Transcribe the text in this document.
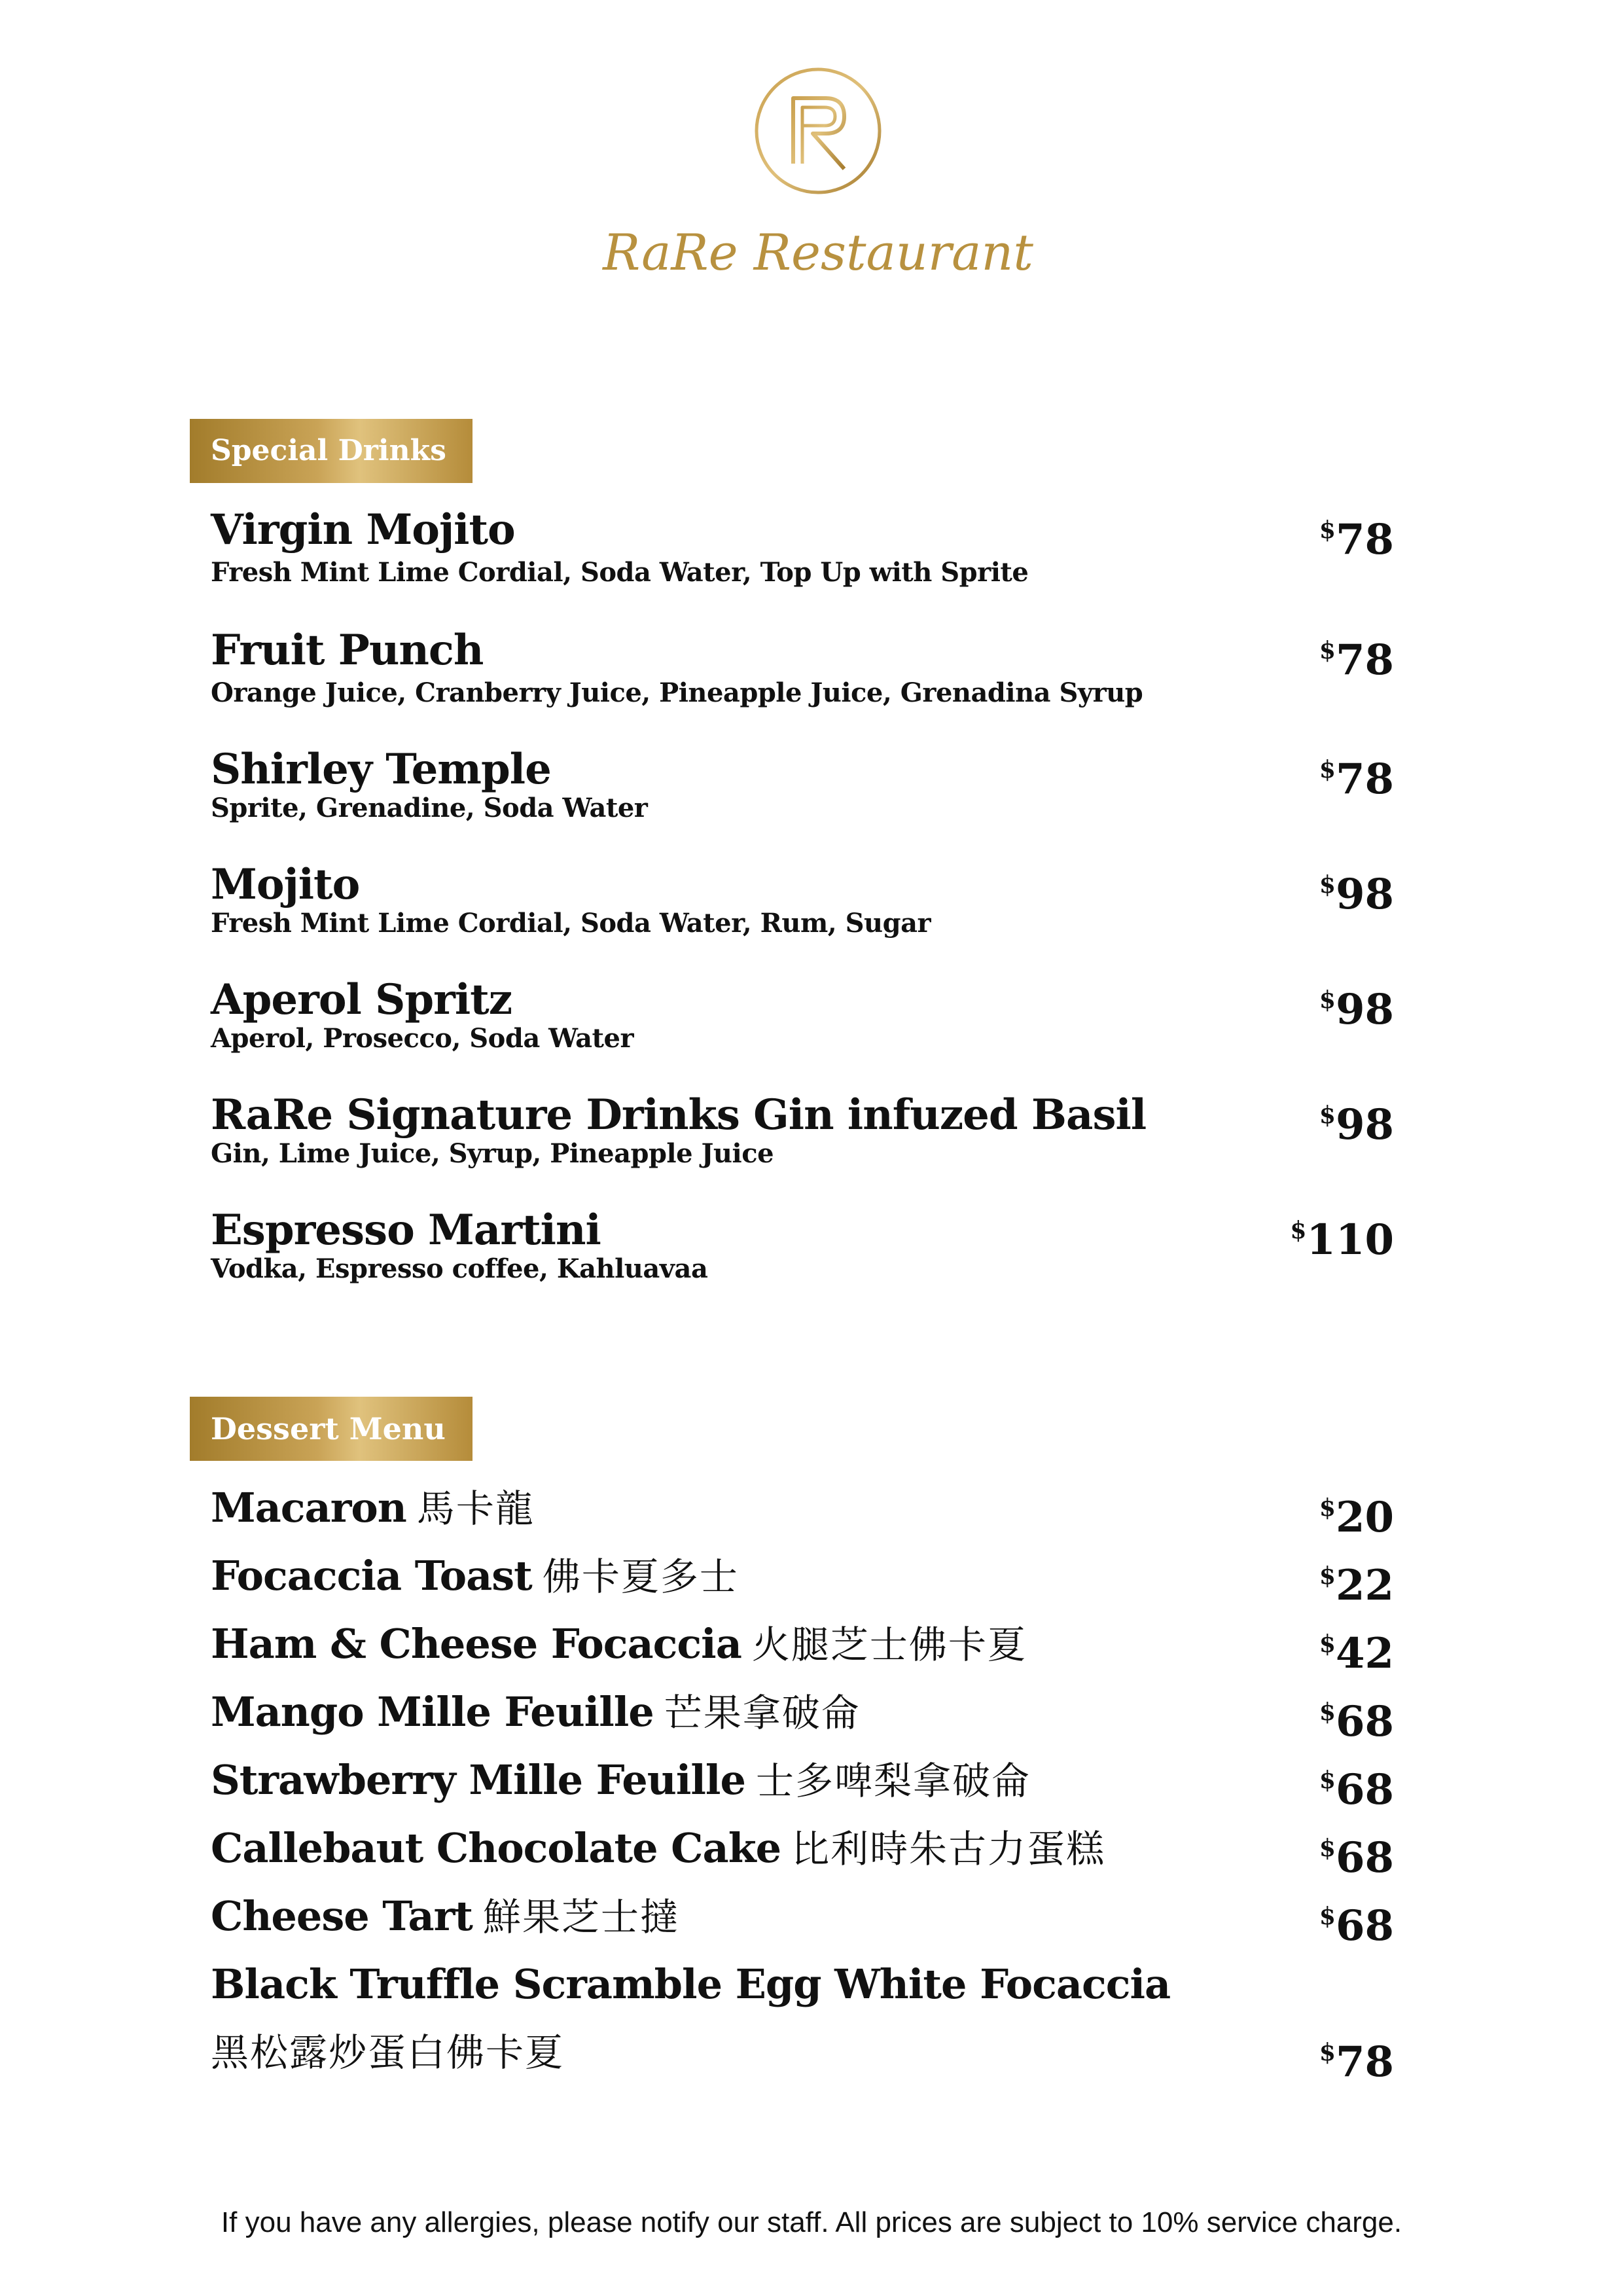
RaRe Restaurant
Special Drinks
Virgin Mojito
Fresh Mint Lime Cordial, Soda Water, Top Up with Sprite
$78
Fruit Punch
Orange Juice, Cranberry Juice, Pineapple Juice, Grenadina Syrup
$78
Shirley Temple
Sprite, Grenadine, Soda Water
$78
Mojito
Fresh Mint Lime Cordial, Soda Water, Rum, Sugar
$98
Aperol Spritz
Aperol, Prosecco, Soda Water
$98
RaRe Signature Drinks Gin infuzed Basil
Gin, Lime Juice, Syrup, Pineapple Juice
$98
Espresso Martini
Vodka, Espresso coffee, Kahluavaa
$110
Dessert Menu
Macaron 馬卡龍	$20
Focaccia Toast 佛卡夏多士	$22
Ham & Cheese Focaccia 火腿芝士佛卡夏	$42
Mango Mille Feuille 芒果拿破侖	$68
Strawberry Mille Feuille 士多啤梨拿破侖	$68
Callebaut Chocolate Cake 比利時朱古力蛋糕	$68
Cheese Tart 鮮果芝士撻	$68
Black Truffle Scramble Egg White Focaccia
黑松露炒蛋白佛卡夏	$78
If you have any allergies, please notify our staff. All prices are subject to 10% service charge.
